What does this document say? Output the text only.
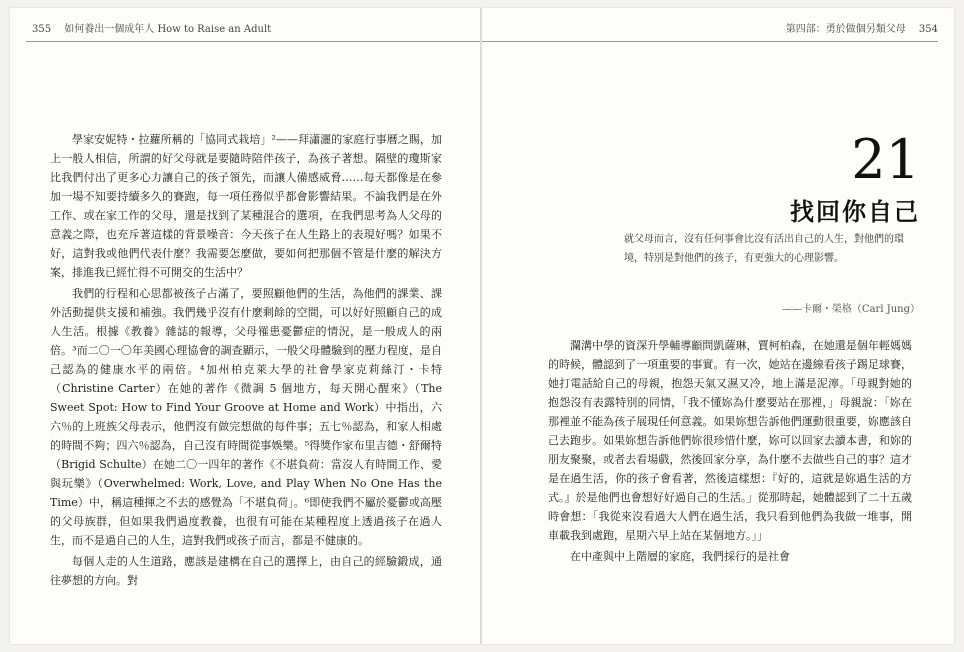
355 如何養出一個成年人 How to Raise an Adult

學家安妮特・拉蘿所稱的「協同式栽培」²——拜瀟灑的家庭行事曆之賜，加上一般人相信，所謂的好父母就是要隨時陪伴孩子，為孩子著想。隔壁的瓊斯家比我們付出了更多心力讓自己的孩子領先，而讓人備感威脅……每天都像是在參加一場不知要持續多久的賽跑，每一項任務似乎都會影響結果。不論我們是在外工作、或在家工作的父母，還是找到了某種混合的選項，在我們思考為人父母的意義之際，也充斥著這樣的背景噪音：今天孩子在人生路上的表現好嗎？如果不好，這對我或他們代表什麼？我需要怎麼做，要如何把那個不管是什麼的解決方案，排進我已經忙得不可開交的生活中？

我們的行程和心思都被孩子占滿了，要照顧他們的生活，為他們的課業、課外活動提供支援和補強。我們幾乎沒有什麼剩餘的空間，可以好好照顧自己的成人生活。根據《教養》雜誌的報導，父母罹患憂鬱症的情況，是一般成人的兩倍。³而二〇一〇年美國心理協會的調查顯示，一般父母體驗到的壓力程度，是自己認為的健康水平的兩倍。⁴加州柏克萊大學的社會學家克莉絲汀・卡特（Christine Carter）在她的著作《微調 5 個地方，每天開心醒來》（The Sweet Spot: How to Find Your Groove at Home and Work）中指出，六六％的上班族父母表示，他們沒有做完想做的每件事；五七％認為，和家人相處的時間不夠；四六％認為，自己沒有時間從事娛樂。⁵得獎作家布里吉德・舒爾特（Brigid Schulte）在她二〇一四年的著作《不堪負荷：當沒人有時間工作、愛與玩樂》（Overwhelmed: Work, Love, and Play When No One Has the Time）中，稱這種揮之不去的感覺為「不堪負荷」。⁶即使我們不屬於憂鬱或高壓的父母族群，但如果我們過度教養，也很有可能在某種程度上透過孩子在過人生，而不是過自己的人生，這對我們或孩子而言，都是不健康的。

每個人走的人生道路，應該是建構在自己的選擇上，由自己的經驗鍛成，通往夢想的方向。對

第四部：勇於做個另類父母 354
21
找回你自己
就父母而言，沒有任何事會比沒有活出自己的人生，對他們的環境，特別是對他們的孩子，有更強大的心理影響。
——卡爾・榮格（Carl Jung）

瀾溝中學的資深升學輔導顧問凱薩琳，賈柯柏森，在她還是個年輕媽媽的時候，體認到了一項重要的事實。有一次，她站在邊線看孩子踢足球賽，她打電話給自己的母親，抱怨天氣又濕又冷，地上滿是泥濘。「母親對她的抱怨沒有表露特別的同情，「我不懂妳為什麼要站在那裡，」母親說：「妳在那裡並不能為孩子展現任何意義。如果妳想告訴他們運動很重要，妳應該自己去跑步。如果妳想告訴他們妳很珍惜什麼，妳可以回家去讀本書，和妳的朋友聚聚，或者去看場戲，然後回家分享，為什麼不去做些自己的事？這才是在過生活，你的孩子會看著，然後這樣想：『好的，這就是妳過生活的方式。』於是他們也會想好好過自己的生活。」從那時起，她體認到了二十五歲時會想：「我從來沒看過大人們在過生活，我只看到他們為我做一堆事，開車載我到處跑，星期六早上站在某個地方。」」

在中產與中上階層的家庭，我們採行的是社會
